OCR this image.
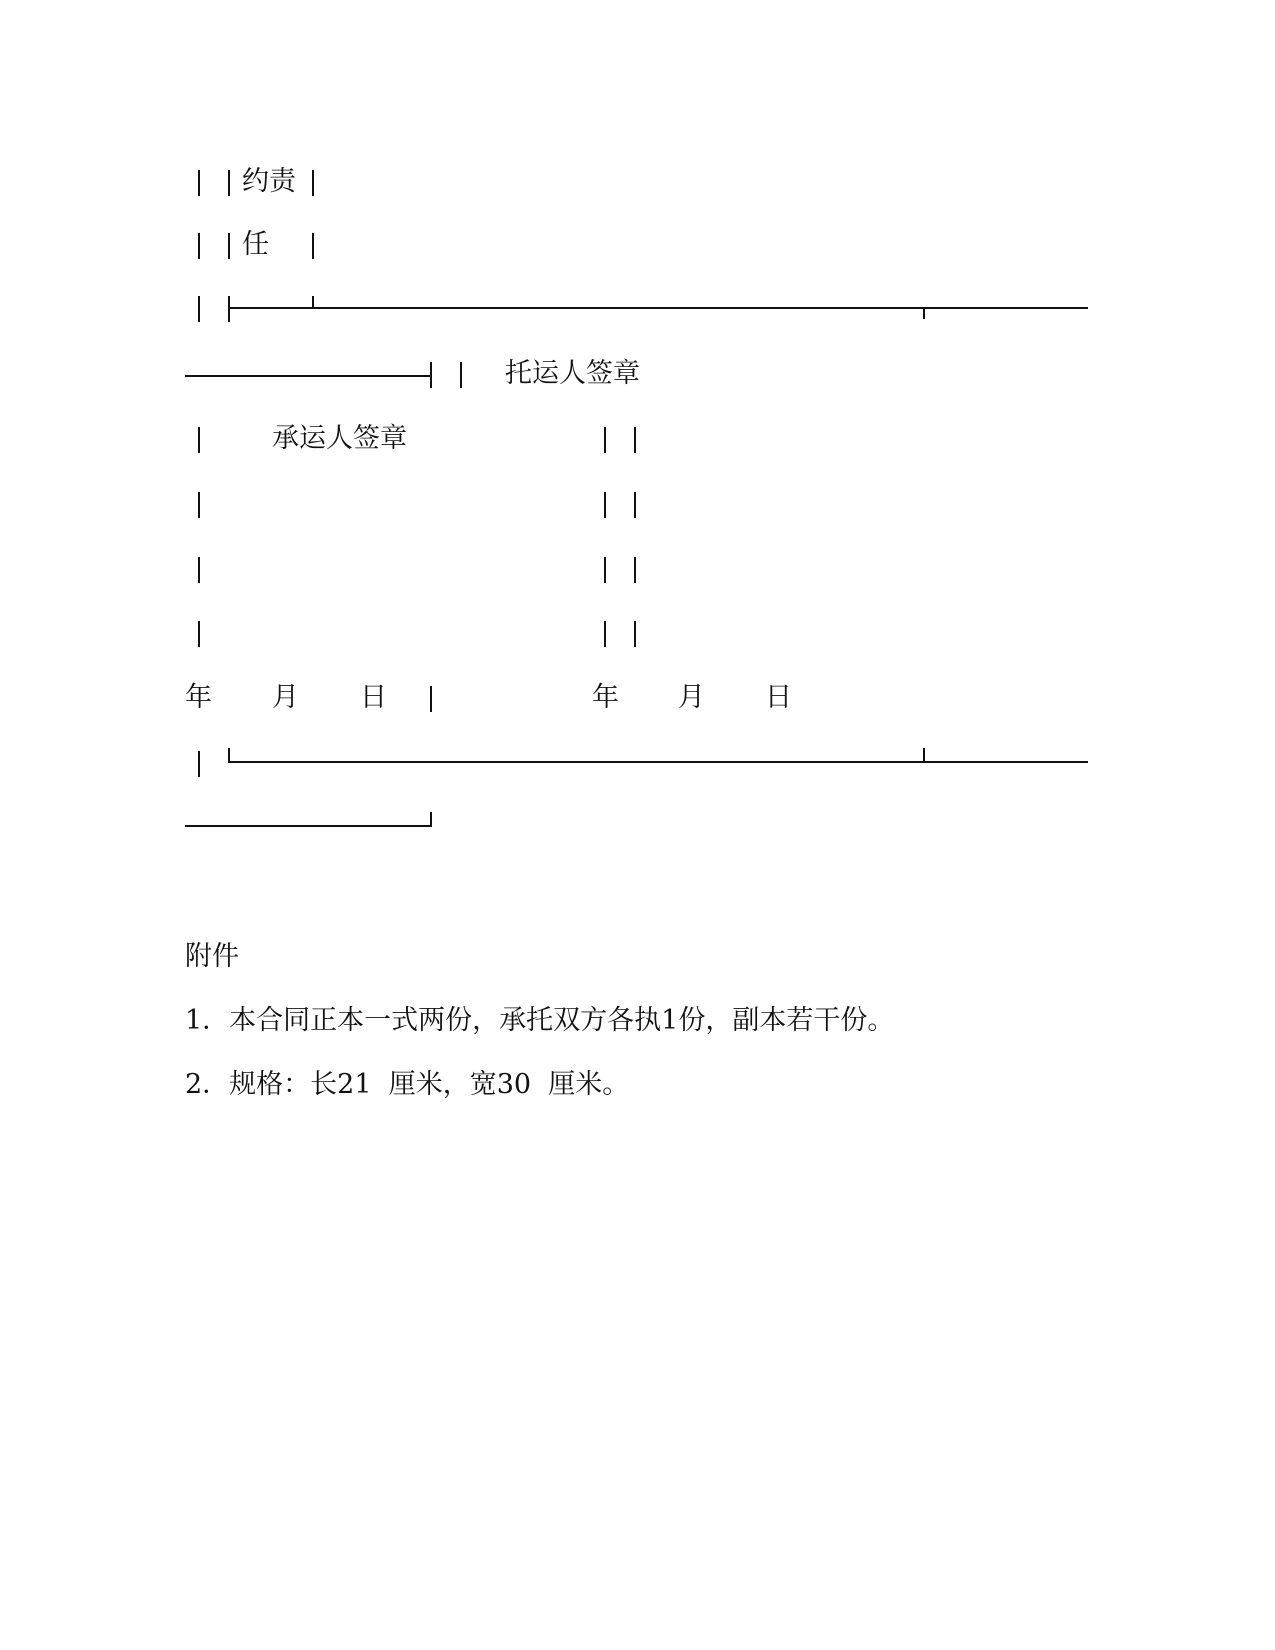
约责
任
托运人签章
承运人签章
年 月 日	年 月 日
附件
1．本合同正本一式两份，承托双方各执1份，副本若干份。
2．规格：长21  厘米，宽30  厘米。
